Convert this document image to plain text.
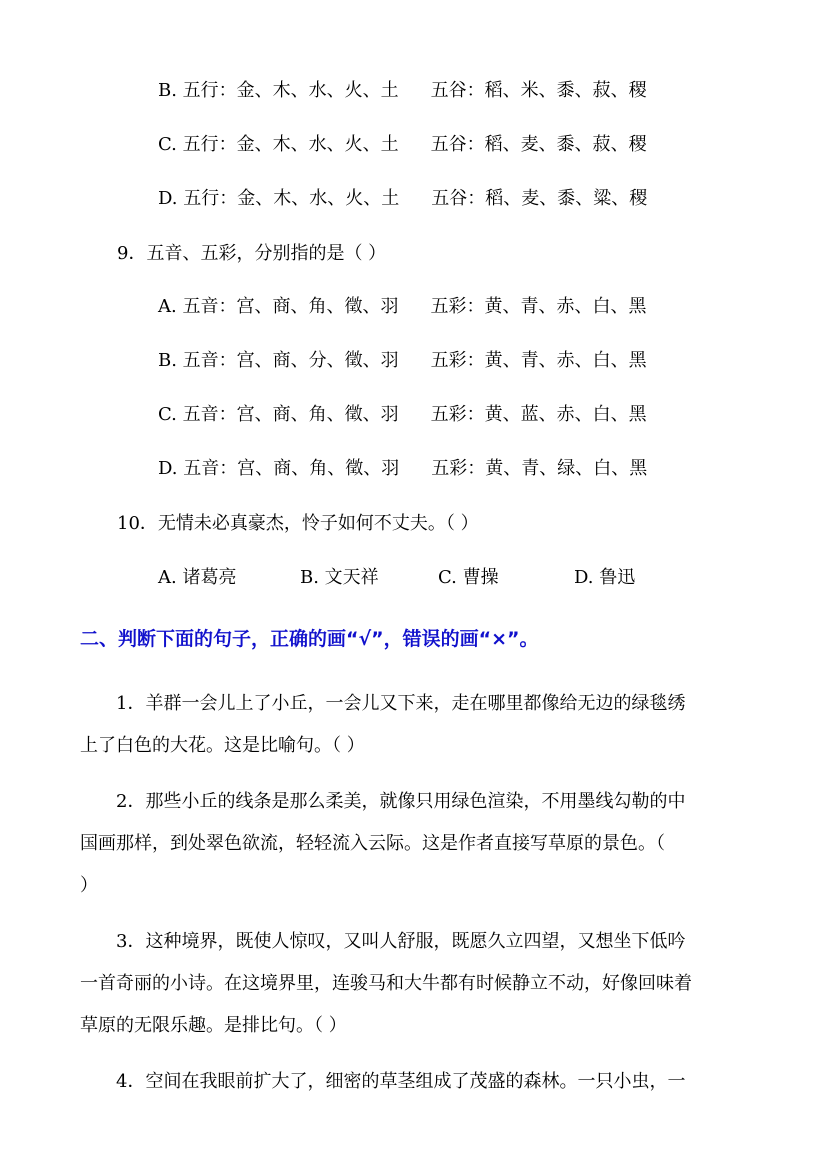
B. 五行：金、木、水、火、土 五谷：稻、米、黍、菽、稷
C. 五行：金、木、水、火、土 五谷：稻、麦、黍、菽、稷
D. 五行：金、木、水、火、土 五谷：稻、麦、黍、粱、稷
9．五音、五彩，分别指的是（ ）
A. 五音：宫、商、角、徵、羽 五彩：黄、青、赤、白、黑
B. 五音：宫、商、分、徵、羽 五彩：黄、青、赤、白、黑
C. 五音：宫、商、角、徵、羽 五彩：黄、蓝、赤、白、黑
D. 五音：宫、商、角、徵、羽 五彩：黄、青、绿、白、黑
10．无情未必真豪杰，怜子如何不丈夫。（ ）
A. 诸葛亮	B. 文天祥	C. 曹操	D. 鲁迅
二、判断下面的句子，正确的画“√”，错误的画“×”。
　　1．羊群一会儿上了小丘，一会儿又下来，走在哪里都像给无边的绿毯绣
上了白色的大花。这是比喻句。（ ）
　　2．那些小丘的线条是那么柔美，就像只用绿色渲染，不用墨线勾勒的中
国画那样，到处翠色欲流，轻轻流入云际。这是作者直接写草原的景色。（
）
　　3．这种境界，既使人惊叹，又叫人舒服，既愿久立四望，又想坐下低吟
一首奇丽的小诗。在这境界里，连骏马和大牛都有时候静立不动，好像回味着
草原的无限乐趣。是排比句。（ ）
　　4．空间在我眼前扩大了，细密的草茎组成了茂盛的森林。一只小虫，一
